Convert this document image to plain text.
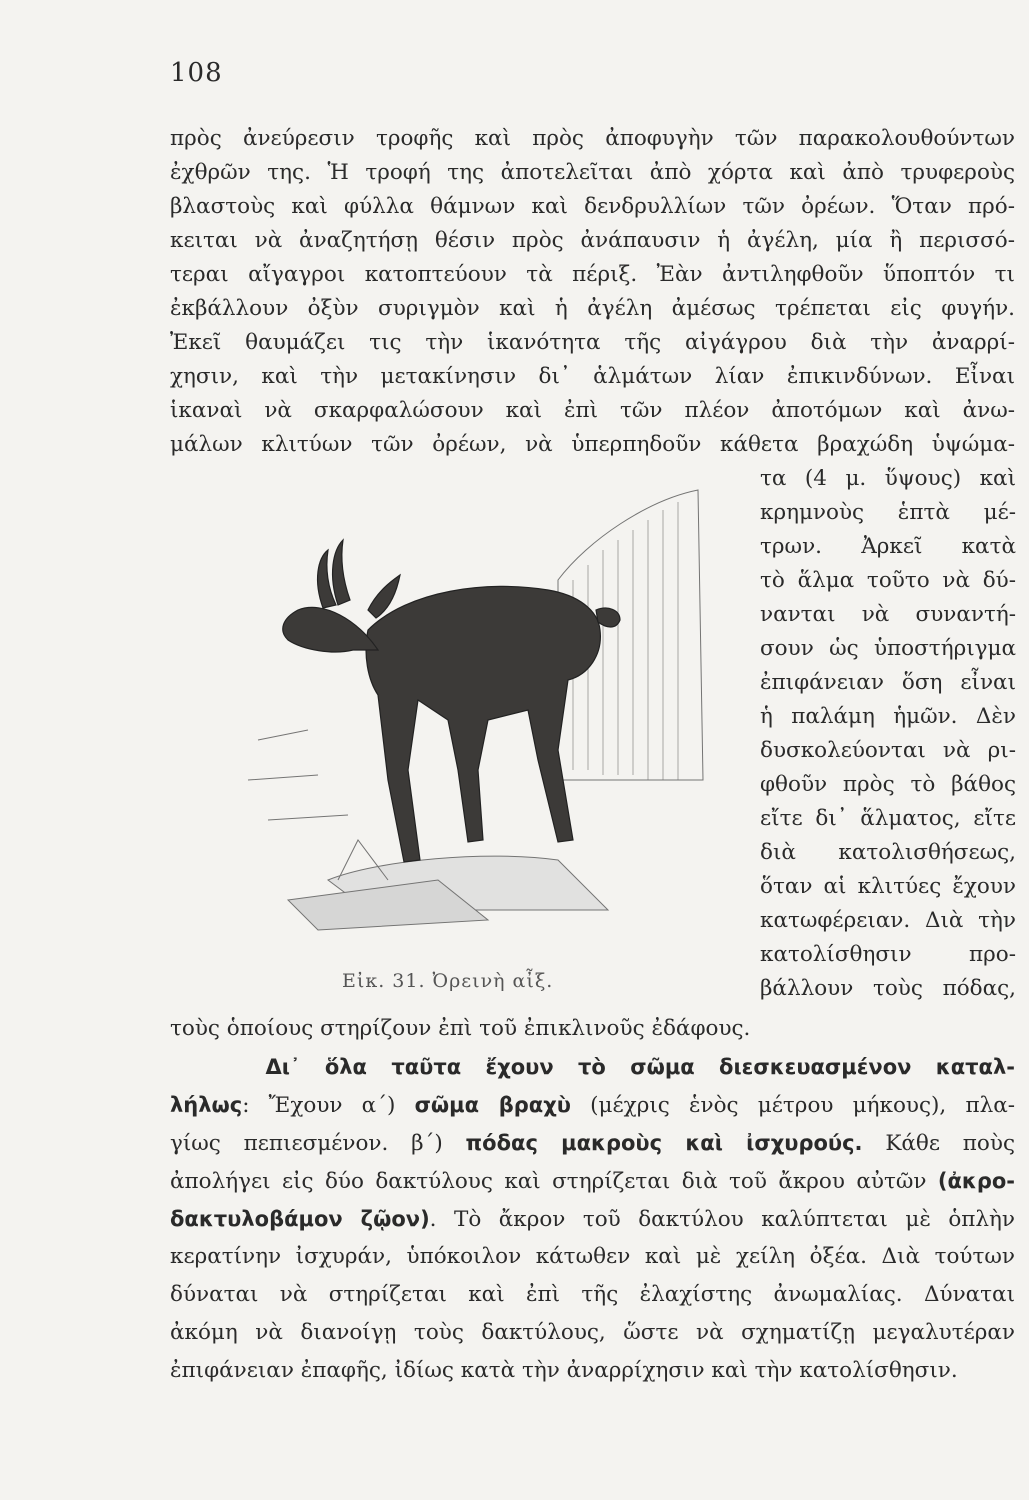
108
πρὸς ἀνεύρεσιν τροφῆς καὶ πρὸς ἀποφυγὴν τῶν παρακολουθούντων
ἐχθρῶν της. Ἡ τροφή της ἀποτελεῖται ἀπὸ χόρτα καὶ ἀπὸ τρυφεροὺς
βλαστοὺς καὶ φύλλα θάμνων καὶ δενδρυλλίων τῶν ὀρέων. Ὅταν πρό-
κειται νὰ ἀναζητήσῃ θέσιν πρὸς ἀνάπαυσιν ἡ ἀγέλη, μία ἢ περισσό-
τεραι αἴγαγροι κατοπτεύουν τὰ πέριξ. Ἐὰν ἀντιληφθοῦν ὕποπτόν τι
ἐκβάλλουν ὀξὺν συριγμὸν καὶ ἡ ἀγέλη ἀμέσως τρέπεται εἰς φυγήν.
Ἐκεῖ θαυμάζει τις τὴν ἱκανότητα τῆς αἰγάγρου διὰ τὴν ἀναρρί-
χησιν, καὶ τὴν μετακίνησιν δι᾿ ἁλμάτων λίαν ἐπικινδύνων. Εἶναι
ἱκαναὶ νὰ σκαρφαλώσουν καὶ ἐπὶ τῶν πλέον ἀποτόμων καὶ ἀνω-
μάλων κλιτύων τῶν ὀρέων, νὰ ὑπερπηδοῦν κάθετα βραχώδη ὑψώμα-
τα (4 μ. ὕψους) καὶ
κρημνοὺς ἑπτὰ μέ-
τρων. Ἀρκεῖ κατὰ
τὸ ἅλμα τοῦτο νὰ δύ-
νανται νὰ συναντή-
σουν ὡς ὑποστήριγμα
ἐπιφάνειαν ὅση εἶναι
ἡ παλάμη ἡμῶν. Δὲν
δυσκολεύονται νὰ ρι-
φθοῦν πρὸς τὸ βάθος
εἴτε δι᾿ ἅλματος, εἴτε
διὰ κατολισθήσεως,
ὅταν αἱ κλιτύες ἔχουν
κατωφέρειαν. Διὰ τὴν
κατολίσθησιν προ-
βάλλουν τοὺς πόδας,
Εἰκ. 31. Ὀρεινὴ αἶξ.
τοὺς ὁποίους στηρίζουν ἐπὶ τοῦ ἐπικλινοῦς ἐδάφους.
Δι᾿ ὅλα ταῦτα ἔχουν τὸ σῶμα διεσκευασμένον καταλ-
λήλως: Ἔχουν α´) σῶμα βραχὺ (μέχρις ἑνὸς μέτρου μήκους), πλα-
γίως πεπιεσμένον. β´) πόδας μακροὺς καὶ ἰσχυρούς. Κάθε ποὺς
ἀπολήγει εἰς δύο δακτύλους καὶ στηρίζεται διὰ τοῦ ἄκρου αὐτῶν (ἀκρο-
δακτυλοβάμον ζῷον). Τὸ ἄκρον τοῦ δακτύλου καλύπτεται μὲ ὁπλὴν
κερατίνην ἰσχυράν, ὑπόκοιλον κάτωθεν καὶ μὲ χείλη ὀξέα. Διὰ τούτων
δύναται νὰ στηρίζεται καὶ ἐπὶ τῆς ἐλαχίστης ἀνωμαλίας. Δύναται
ἀκόμη νὰ διανοίγῃ τοὺς δακτύλους, ὥστε νὰ σχηματίζῃ μεγαλυτέραν
ἐπιφάνειαν ἐπαφῆς, ἰδίως κατὰ τὴν ἀναρρίχησιν καὶ τὴν κατολίσθησιν.
